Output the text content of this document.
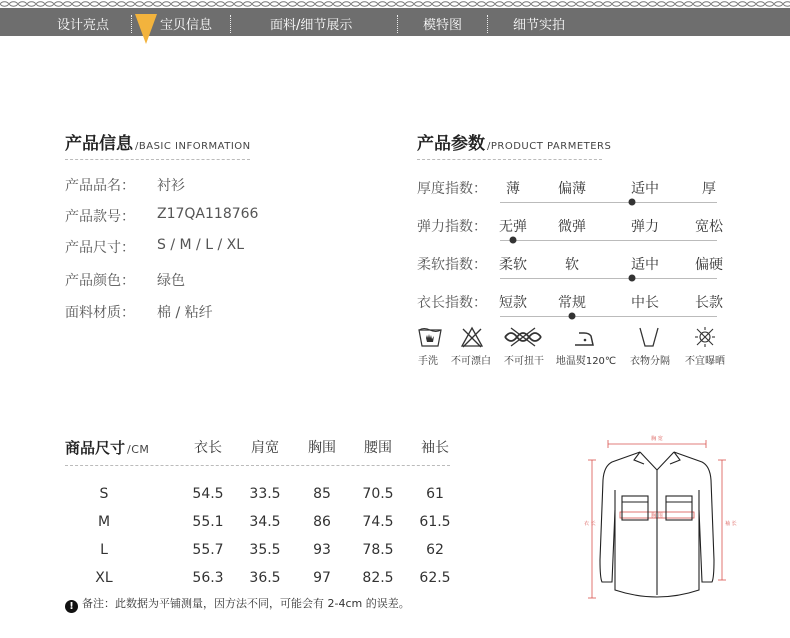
设计亮点	宝贝信息	面料/细节展示	模特图	细节实拍
产品信息 /BASIC INFORMATION
产品品名： 衬衫
产品款号： Z17QA118766
产品尺寸： S / M / L / XL
产品颜色： 绿色
面料材质： 棉 / 粘纤
产品参数 /PRODUCT PARMETERS
厚度指数： 薄	偏薄	适中	厚
弹力指数： 无弹 微弹	弹力	宽松
柔软指数： 柔软	软	适中	偏硬
衣长指数： 短款 常规	中长	长款
手洗 不可漂白 不可扭干 地温熨120℃ 衣物分隔 不宜曝晒
商品尺寸 /CM	衣长 肩宽 胸围 腰围 袖长
S	54.5 33.5 85 70.5 61
M	55.1 34.5 86 74.5 61.5
L	55.7 35.5 93 78.5 62
XL	56.3 36.5 97 82.5 62.5
! 备注：此数据为平铺测量，因方法不同，可能会有 2-4cm 的误差。
胸 宽
衣 长	袖 长
胸 围
